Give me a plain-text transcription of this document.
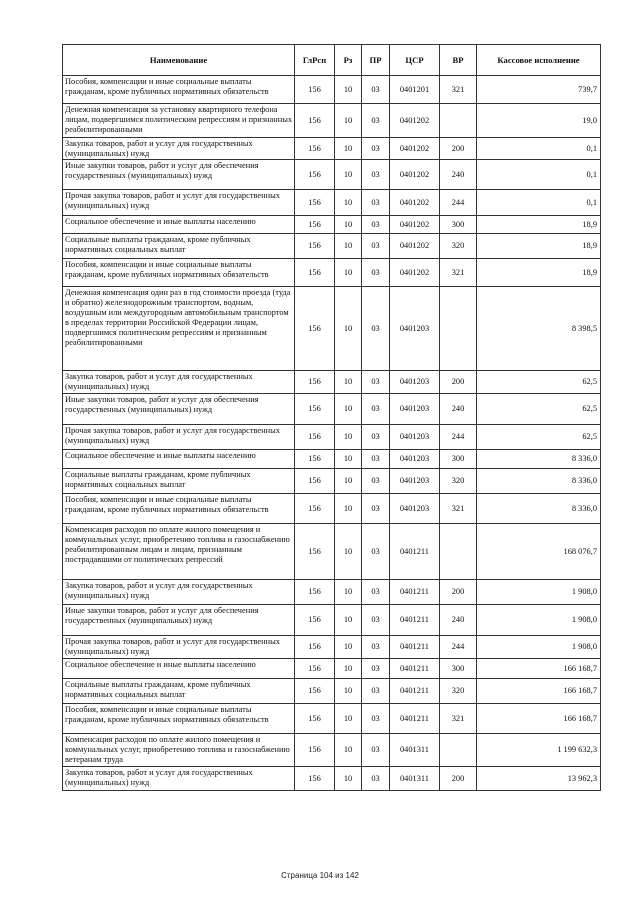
Наименование	ГлРсп	Рз	ПР	ЦСР	ВР	Кассовое исполнение
Пособия, компенсации и иные социальные выплаты гражданам, кроме публичных нормативных обязательств	156	10	03	0401201	321	739,7
Денежная компенсация за установку квартирного телефона лицам, подвергшимся политическим репрессиям и признанных реабилитированными	156	10	03	0401202		19,0
Закупка товаров, работ и услуг для государственных (муниципальных) нужд	156	10	03	0401202	200	0,1
Иные закупки товаров, работ и услуг для обеспечения государственных (муниципальных) нужд	156	10	03	0401202	240	0,1
Прочая закупка товаров, работ и услуг для государственных (муниципальных) нужд	156	10	03	0401202	244	0,1
Социальное обеспечение и иные выплаты населению	156	10	03	0401202	300	18,9
Социальные выплаты гражданам, кроме публичных нормативных социальных выплат	156	10	03	0401202	320	18,9
Пособия, компенсации и иные социальные выплаты гражданам, кроме публичных нормативных обязательств	156	10	03	0401202	321	18,9
Денежная компенсация один раз в год стоимости проезда (туда и обратно) железнодорожным транспортом, водным, воздушным или междугородным автомобильным транспортом в пределах территории Российской Федерации лицам, подвергшимся политическим репрессиям и признанным реабилитированными	156	10	03	0401203		8 398,5
Закупка товаров, работ и услуг для государственных (муниципальных) нужд	156	10	03	0401203	200	62,5
Иные закупки товаров, работ и услуг для обеспечения государственных (муниципальных) нужд	156	10	03	0401203	240	62,5
Прочая закупка товаров, работ и услуг для государственных (муниципальных) нужд	156	10	03	0401203	244	62,5
Социальное обеспечение и иные выплаты населению	156	10	03	0401203	300	8 336,0
Социальные выплаты гражданам, кроме публичных нормативных социальных выплат	156	10	03	0401203	320	8 336,0
Пособия, компенсации и иные социальные выплаты гражданам, кроме публичных нормативных обязательств	156	10	03	0401203	321	8 336,0
Компенсация расходов по оплате жилого помещения и коммунальных услуг, приобретению топлива и газоснабжению реабилитированным лицам и лицам, признанным пострадавшими от политических репрессий	156	10	03	0401211		168 076,7
Закупка товаров, работ и услуг для государственных (муниципальных) нужд	156	10	03	0401211	200	1 908,0
Иные закупки товаров, работ и услуг для обеспечения государственных (муниципальных) нужд	156	10	03	0401211	240	1 908,0
Прочая закупка товаров, работ и услуг для государственных (муниципальных) нужд	156	10	03	0401211	244	1 908,0
Социальное обеспечение и иные выплаты населению	156	10	03	0401211	300	166 168,7
Социальные выплаты гражданам, кроме публичных нормативных социальных выплат	156	10	03	0401211	320	166 168,7
Пособия, компенсации и иные социальные выплаты гражданам, кроме публичных нормативных обязательств	156	10	03	0401211	321	166 168,7
Компенсация расходов по оплате жилого помещения и коммунальных услуг, приобретению топлива и газоснабжению ветеранам труда	156	10	03	0401311		1 199 632,3
Закупка товаров, работ и услуг для государственных (муниципальных) нужд	156	10	03	0401311	200	13 962,3
Страница 104 из 142
